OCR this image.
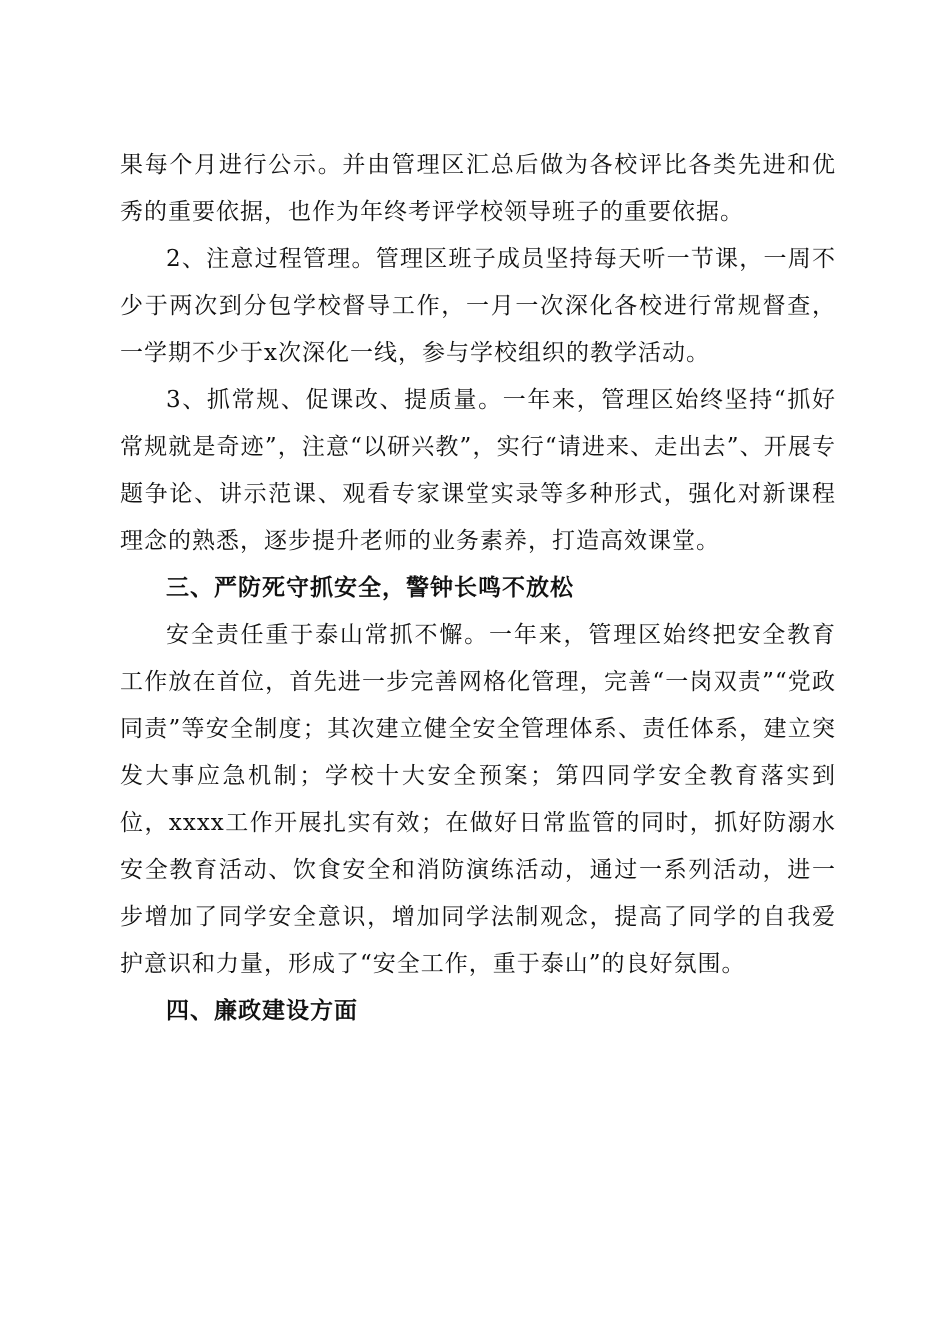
果每个月进行公示。并由管理区汇总后做为各校评比各类先进和优秀的重要依据，也作为年终考评学校领导班子的重要依据。

2、注意过程管理。管理区班子成员坚持每天听一节课，一周不少于两次到分包学校督导工作，一月一次深化各校进行常规督查，一学期不少于x次深化一线，参与学校组织的教学活动。

3、抓常规、促课改、提质量。一年来，管理区始终坚持“抓好常规就是奇迹”，注意“以研兴教”，实行“请进来、走出去”、开展专题争论、讲示范课、观看专家课堂实录等多种形式，强化对新课程理念的熟悉，逐步提升老师的业务素养，打造高效课堂。

三、严防死守抓安全，警钟长鸣不放松

安全责任重于泰山常抓不懈。一年来，管理区始终把安全教育工作放在首位，首先进一步完善网格化管理，完善“一岗双责”“党政同责”等安全制度；其次建立健全安全管理体系、责任体系，建立突发大事应急机制；学校十大安全预案；第四同学安全教育落实到位，xxxx工作开展扎实有效；在做好日常监管的同时，抓好防溺水安全教育活动、饮食安全和消防演练活动，通过一系列活动，进一步增加了同学安全意识，增加同学法制观念，提高了同学的自我爱护意识和力量，形成了“安全工作，重于泰山”的良好氛围。

四、廉政建设方面
